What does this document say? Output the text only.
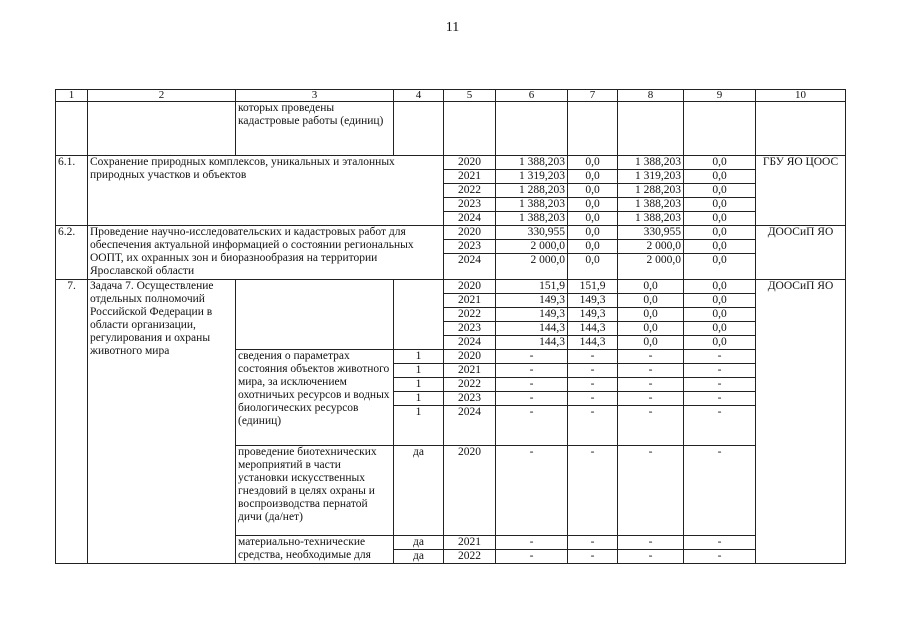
11
1	2	3	4	5	6	7	8	9	10
		которых проведены кадастровые работы (единиц)							
6.1.	Сохранение природных комплексов, уникальных и эталонных природных участков и объектов			2020	1 388,203	0,0	1 388,203	0,0	ГБУ ЯО ЦООС
				2021	1 319,203	0,0	1 319,203	0,0	
				2022	1 288,203	0,0	1 288,203	0,0	
				2023	1 388,203	0,0	1 388,203	0,0	
				2024	1 388,203	0,0	1 388,203	0,0	
6.2.	Проведение научно-исследовательских и кадастровых работ для обеспечения актуальной информацией о состоянии региональных ООПТ, их охранных зон и биоразнообразия на территории Ярославской области			2020	330,955	0,0	330,955	0,0	ДООСиП ЯО
				2023	2 000,0	0,0	2 000,0	0,0	
				2024	2 000,0	0,0	2 000,0	0,0	
7.	Задача 7. Осуществление отдельных полномочий Российской Федерации в области организации, регулирования и охраны животного мира			2020	151,9	151,9	0,0	0,0	ДООСиП ЯО
				2021	149,3	149,3	0,0	0,0	
				2022	149,3	149,3	0,0	0,0	
				2023	144,3	144,3	0,0	0,0	
				2024	144,3	144,3	0,0	0,0	
		сведения о параметрах состояния объектов животного мира, за исключением охотничьих ресурсов и водных биологических ресурсов (единиц)	1	2020	-	-	-	-	
			1	2021	-	-	-	-	
			1	2022	-	-	-	-	
			1	2023	-	-	-	-	
			1	2024	-	-	-	-	
		проведение биотехнических мероприятий в части установки искусственных гнездовий в целях охраны и воспроизводства пернатой дичи (да/нет)	да	2020	-	-	-	-	
		материально-технические средства, необходимые для	да	2021	-	-	-	-	
			да	2022	-	-	-	-	
